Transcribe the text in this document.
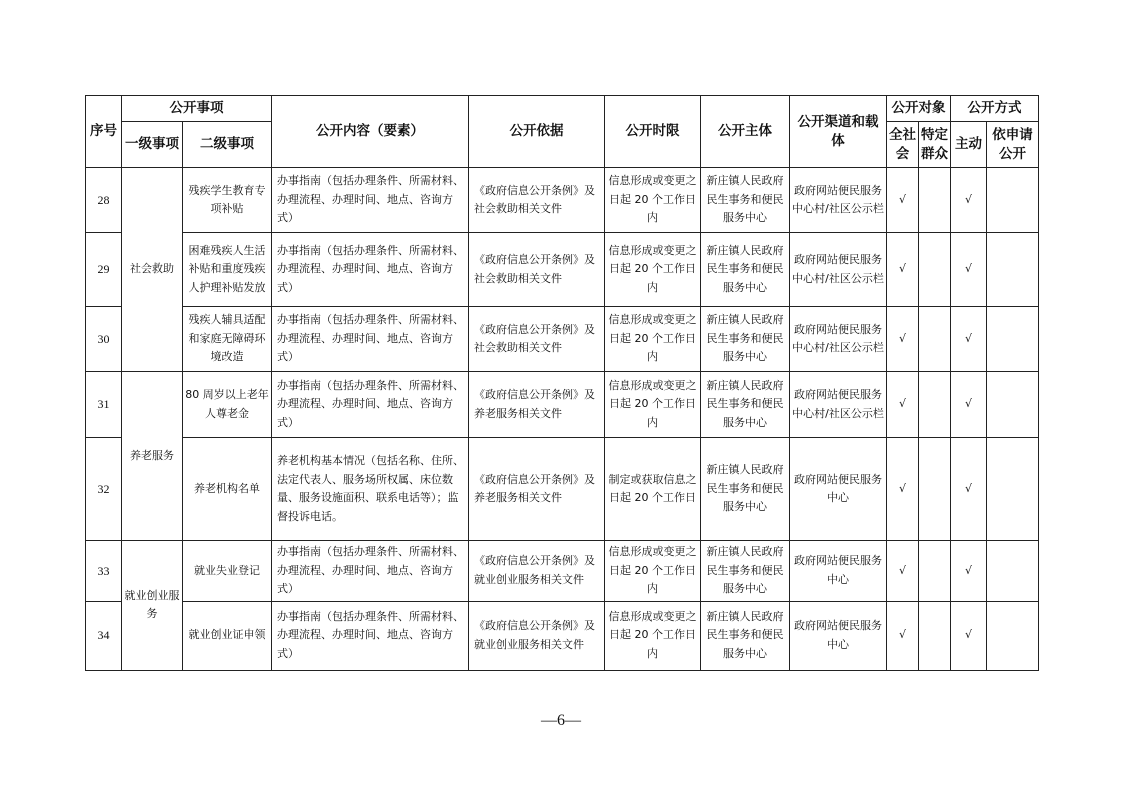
序号	公开事项		公开内容（要素）	公开依据	公开时限	公开主体	公开渠道和载体	公开对象		公开方式	
	一级事项	二级事项						全社会	特定群众	主动	依申请公开
28	社会救助	残疾学生教育专项补贴	办事指南（包括办理条件、所需材料、办理流程、办理时间、地点、咨询方式）	《政府信息公开条例》及社会救助相关文件	信息形成或变更之日起 20 个工作日内	新庄镇人民政府民生事务和便民服务中心	政府网站便民服务中心村/社区公示栏	√		√	
29		困难残疾人生活补贴和重度残疾人护理补贴发放	办事指南（包括办理条件、所需材料、办理流程、办理时间、地点、咨询方式）	《政府信息公开条例》及社会救助相关文件	信息形成或变更之日起 20 个工作日内	新庄镇人民政府民生事务和便民服务中心	政府网站便民服务中心村/社区公示栏	√		√	
30		残疾人辅具适配和家庭无障碍环境改造	办事指南（包括办理条件、所需材料、办理流程、办理时间、地点、咨询方式）	《政府信息公开条例》及社会救助相关文件	信息形成或变更之日起 20 个工作日内	新庄镇人民政府民生事务和便民服务中心	政府网站便民服务中心村/社区公示栏	√		√	
31	养老服务	80 周岁以上老年人尊老金	办事指南（包括办理条件、所需材料、办理流程、办理时间、地点、咨询方式）	《政府信息公开条例》及养老服务相关文件	信息形成或变更之日起 20 个工作日内	新庄镇人民政府民生事务和便民服务中心	政府网站便民服务中心村/社区公示栏	√		√	
32		养老机构名单	养老机构基本情况（包括名称、住所、法定代表人、服务场所权属、床位数量、服务设施面积、联系电话等）；监督投诉电话。	《政府信息公开条例》及养老服务相关文件	制定或获取信息之日起 20 个工作日	新庄镇人民政府民生事务和便民服务中心	政府网站便民服务中心	√		√	
33	就业创业服务	就业失业登记	办事指南（包括办理条件、所需材料、办理流程、办理时间、地点、咨询方式）	《政府信息公开条例》及就业创业服务相关文件	信息形成或变更之日起 20 个工作日内	新庄镇人民政府民生事务和便民服务中心	政府网站便民服务中心	√		√	
34		就业创业证申领	办事指南（包括办理条件、所需材料、办理流程、办理时间、地点、咨询方式）	《政府信息公开条例》及就业创业服务相关文件	信息形成或变更之日起 20 个工作日内	新庄镇人民政府民生事务和便民服务中心	政府网站便民服务中心	√		√	
—6—
